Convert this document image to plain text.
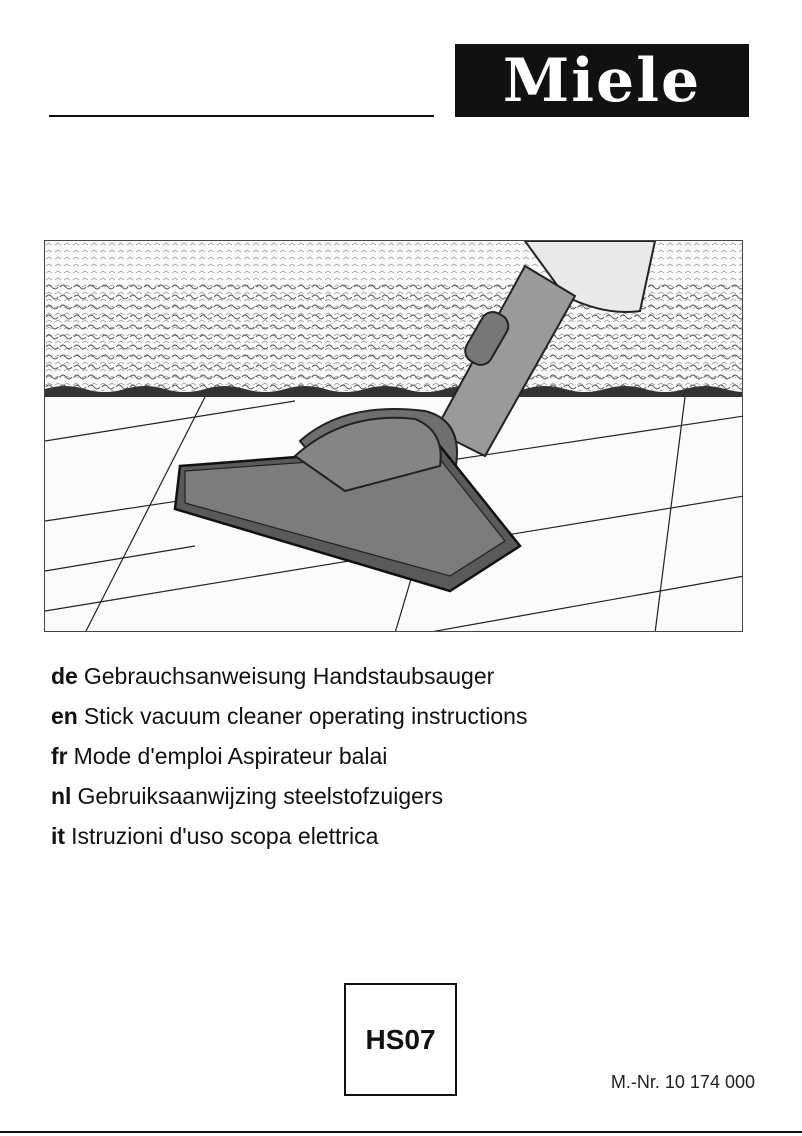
Miele
de Gebrauchsanweisung Handstaubsauger
en Stick vacuum cleaner operating instructions
fr Mode d'emploi Aspirateur balai
nl Gebruiksaanwijzing steelstofzuigers
it Istruzioni d'uso scopa elettrica
HS07
M.-Nr. 10 174 000
